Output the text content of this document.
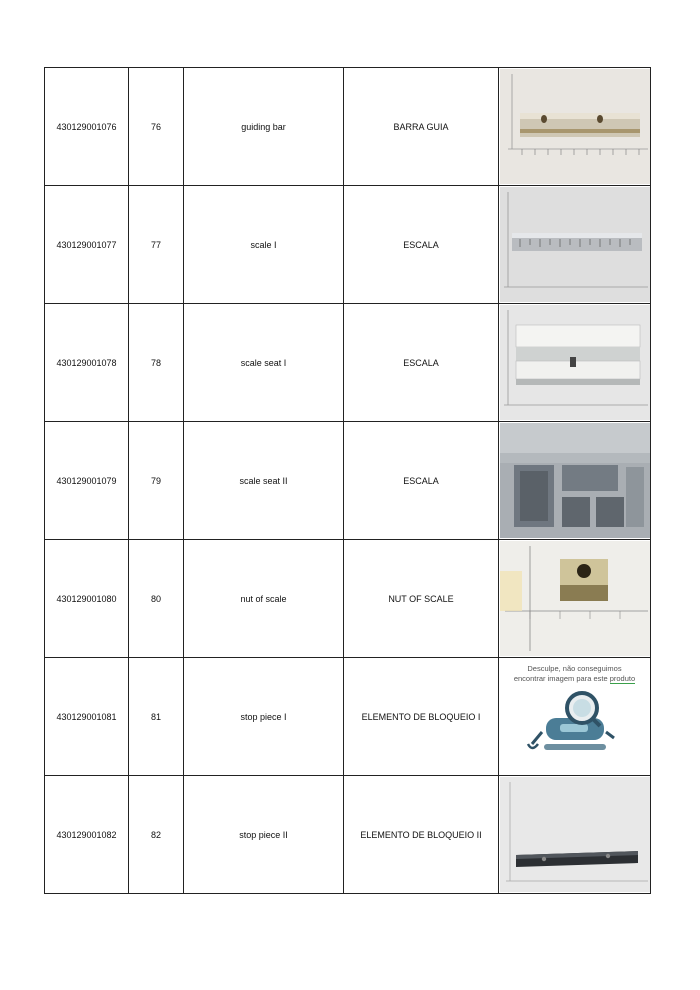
430129001076	76	guiding bar	BARRA GUIA	

430129001077	77	scale I	ESCALA	

430129001078	78	scale seat I	ESCALA	

430129001079	79	scale seat II	ESCALA	

430129001080	80	nut of scale	NUT OF SCALE	

430129001081	81	stop piece I	ELEMENTO DE BLOQUEIO I	Desculpe, não conseguimos
encontrar imagem para este produto

430129001082	82	stop piece II	ELEMENTO DE BLOQUEIO II	
